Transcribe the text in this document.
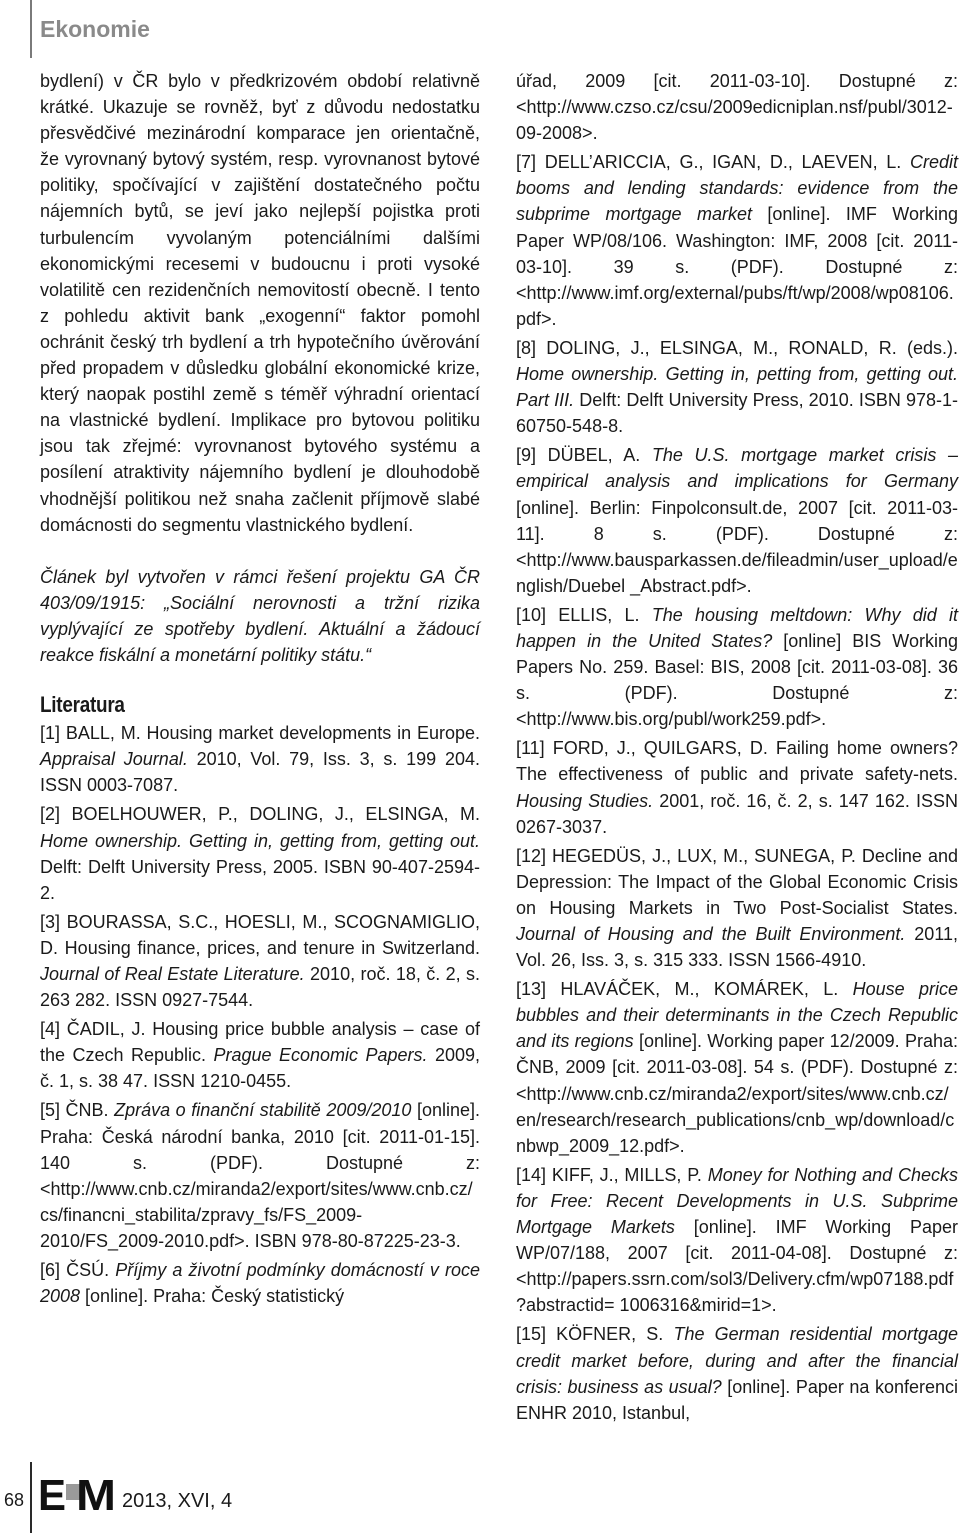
Ekonomie

bydlení) v ČR bylo v předkrizovém období relativně krátké. Ukazuje se rovněž, byť z důvodu nedostatku přesvědčivé mezinárodní komparace jen orientačně, že vyrovnaný bytový systém, resp. vyrovnanost bytové politiky, spočívající v zajištění dostatečného počtu nájemních bytů, se jeví jako nejlepší pojistka proti turbulencím vyvolaným potenciálními dalšími ekonomickými recesemi v budoucnu i proti vysoké volatilitě cen rezidenčních nemovitostí obecně. I tento z pohledu aktivit bank „exogenní“ faktor pomohl ochránit český trh bydlení a trh hypotečního úvěrování před propadem v důsledku globální ekonomické krize, který naopak postihl země s téměř výhradní orientací na vlastnické bydlení. Implikace pro bytovou politiku jsou tak zřejmé: vyrovnanost bytového systému a posílení atraktivity nájemního bydlení je dlouhodobě vhodnější politikou než snaha začlenit příjmově slabé domácnosti do segmentu vlastnického bydlení.

Článek byl vytvořen v rámci řešení projektu GA ČR 403/09/1915: „Sociální nerovnosti a tržní rizika vyplývající ze spotřeby bydlení. Aktuální a žádoucí reakce fiskální a monetární politiky státu.“

Literatura

[1] BALL, M. Housing market developments in Europe. Appraisal Journal. 2010, Vol. 79, Iss. 3, s. 199 204. ISSN 0003-7087.

[2] BOELHOUWER, P., DOLING, J., ELSINGA, M. Home ownership. Getting in, getting from, getting out. Delft: Delft University Press, 2005. ISBN 90-407-2594-2.

[3] BOURASSA, S.C., HOESLI, M., SCOGNAMIGLIO, D. Housing finance, prices, and tenure in Switzerland. Journal of Real Estate Literature. 2010, roč. 18, č. 2, s. 263 282. ISSN 0927-7544.

[4] ČADIL, J. Housing price bubble analysis – case of the Czech Republic. Prague Economic Papers. 2009, č. 1, s. 38 47. ISSN 1210-0455.

[5] ČNB. Zpráva o finanční stabilitě 2009/2010 [online]. Praha: Česká národní banka, 2010 [cit. 2011-01-15]. 140 s. (PDF). Dostupné z: <http://www.cnb.cz/miranda2/export/sites/www.cnb.cz/cs/financni_stabilita/zpravy_fs/FS_2009-2010/FS_2009-2010.pdf>. ISBN 978-80-87225-23-3.

[6] ČSÚ. Příjmy a životní podmínky domácností v roce 2008 [online]. Praha: Český statistický

úřad, 2009 [cit. 2011-03-10]. Dostupné z: <http://www.czso.cz/csu/2009edicniplan.nsf/publ/3012-09-2008>.

[7] DELL’ARICCIA, G., IGAN, D., LAEVEN, L. Credit booms and lending standards: evidence from the subprime mortgage market [online]. IMF Working Paper WP/08/106. Washington: IMF, 2008 [cit. 2011-03-10]. 39 s. (PDF). Dostupné z: <http://www.imf.org/external/pubs/ft/wp/2008/wp08106.pdf>.

[8] DOLING, J., ELSINGA, M., RONALD, R. (eds.). Home ownership. Getting in, petting from, getting out. Part III. Delft: Delft University Press, 2010. ISBN 978-1-60750-548-8.

[9] DÜBEL, A. The U.S. mortgage market crisis – empirical analysis and implications for Germany [online]. Berlin: Finpolconsult.de, 2007 [cit. 2011-03-11]. 8 s. (PDF). Dostupné z: <http://www.bausparkassen.de/fileadmin/user_upload/english/Duebel _Abstract.pdf>.

[10] ELLIS, L. The housing meltdown: Why did it happen in the United States? [online] BIS Working Papers No. 259. Basel: BIS, 2008 [cit. 2011-03-08]. 36 s. (PDF). Dostupné z: <http://www.bis.org/publ/work259.pdf>.

[11] FORD, J., QUILGARS, D. Failing home owners? The effectiveness of public and private safety-nets. Housing Studies. 2001, roč. 16, č. 2, s. 147 162. ISSN 0267-3037.

[12] HEGEDÜS, J., LUX, M., SUNEGA, P. Decline and Depression: The Impact of the Global Economic Crisis on Housing Markets in Two Post-Socialist States. Journal of Housing and the Built Environment. 2011, Vol. 26, Iss. 3, s. 315 333. ISSN 1566-4910.

[13] HLAVÁČEK, M., KOMÁREK, L. House price bubbles and their determinants in the Czech Republic and its regions [online]. Working paper 12/2009. Praha: ČNB, 2009 [cit. 2011-03-08]. 54 s. (PDF). Dostupné z: <http://www.cnb.cz/miranda2/export/sites/www.cnb.cz/en/research/research_publications/cnb_wp/download/cnbwp_2009_12.pdf>.

[14] KIFF, J., MILLS, P. Money for Nothing and Checks for Free: Recent Developments in U.S. Subprime Mortgage Markets [online]. IMF Working Paper WP/07/188, 2007 [cit. 2011-04-08]. Dostupné z: <http://papers.ssrn.com/sol3/Delivery.cfm/wp07188.pdf?abstractid= 1006316&mirid=1>.

[15] KÖFNER, S. The German residential mortgage credit market before, during and after the financial crisis: business as usual? [online]. Paper na konferenci ENHR 2010, Istanbul,

68 E M 2013, XVI, 4
